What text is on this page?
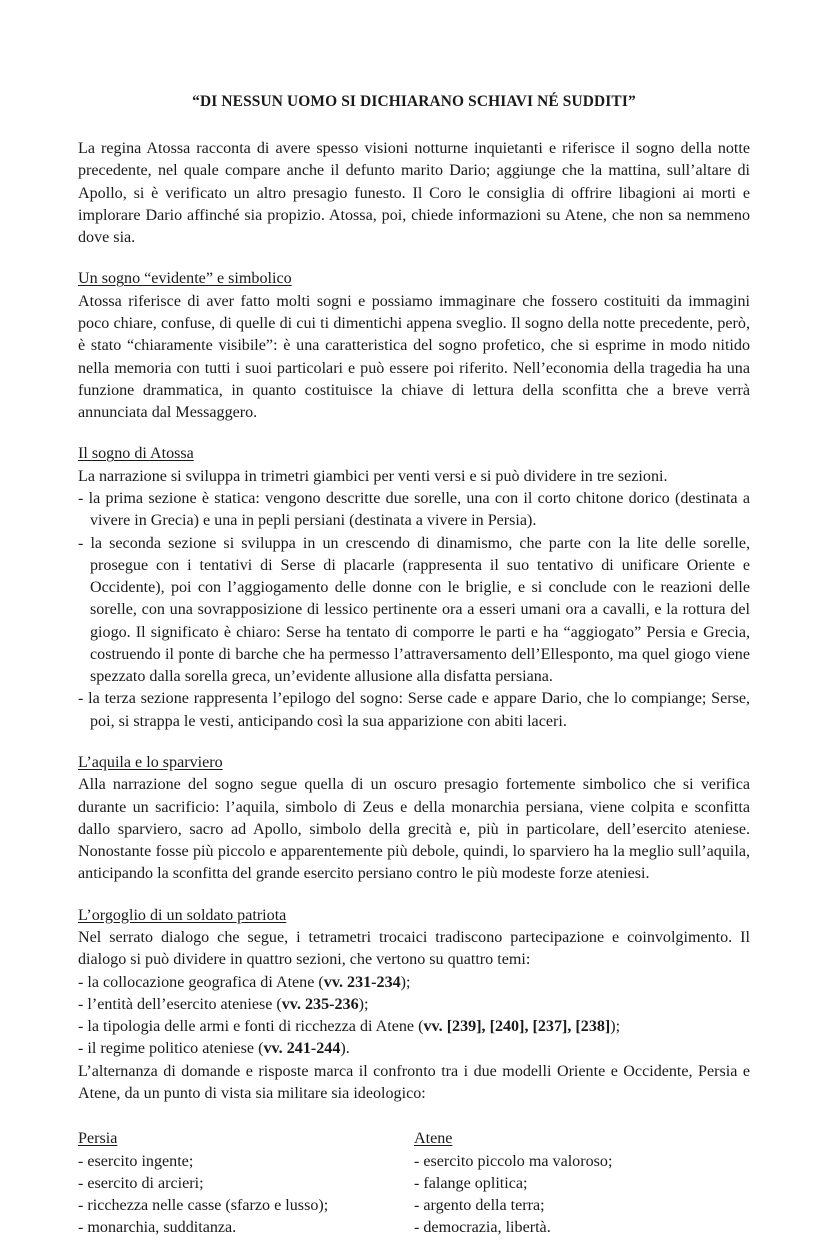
“DI NESSUN UOMO SI DICHIARANO SCHIAVI NÉ SUDDITI”

La regina Atossa racconta di avere spesso visioni notturne inquietanti e riferisce il sogno della notte precedente, nel quale compare anche il defunto marito Dario; aggiunge che la mattina, sull’altare di Apollo, si è verificato un altro presagio funesto. Il Coro le consiglia di offrire libagioni ai morti e implorare Dario affinché sia propizio. Atossa, poi, chiede informazioni su Atene, che non sa nemmeno dove sia.

Un sogno “evidente” e simbolico

Atossa riferisce di aver fatto molti sogni e possiamo immaginare che fossero costituiti da immagini poco chiare, confuse, di quelle di cui ti dimentichi appena sveglio. Il sogno della notte precedente, però, è stato “chiaramente visibile”: è una caratteristica del sogno profetico, che si esprime in modo nitido nella memoria con tutti i suoi particolari e può essere poi riferito. Nell’economia della tragedia ha una funzione drammatica, in quanto costituisce la chiave di lettura della sconfitta che a breve verrà annunciata dal Messaggero.

Il sogno di Atossa

La narrazione si sviluppa in trimetri giambici per venti versi e si può dividere in tre sezioni.

- la prima sezione è statica: vengono descritte due sorelle, una con il corto chitone dorico (destinata a vivere in Grecia) e una in pepli persiani (destinata a vivere in Persia).
- la seconda sezione si sviluppa in un crescendo di dinamismo, che parte con la lite delle sorelle, prosegue con i tentativi di Serse di placarle (rappresenta il suo tentativo di unificare Oriente e Occidente), poi con l’aggiogamento delle donne con le briglie, e si conclude con le reazioni delle sorelle, con una sovrapposizione di lessico pertinente ora a esseri umani ora a cavalli, e la rottura del giogo. Il significato è chiaro: Serse ha tentato di comporre le parti e ha “aggiogato” Persia e Grecia, costruendo il ponte di barche che ha permesso l’attraversamento dell’Ellesponto, ma quel giogo viene spezzato dalla sorella greca, un’evidente allusione alla disfatta persiana.
- la terza sezione rappresenta l’epilogo del sogno: Serse cade e appare Dario, che lo compiange; Serse, poi, si strappa le vesti, anticipando così la sua apparizione con abiti laceri.
L’aquila e lo sparviero

Alla narrazione del sogno segue quella di un oscuro presagio fortemente simbolico che si verifica durante un sacrificio: l’aquila, simbolo di Zeus e della monarchia persiana, viene colpita e sconfitta dallo sparviero, sacro ad Apollo, simbolo della grecità e, più in particolare, dell’esercito ateniese. Nonostante fosse più piccolo e apparentemente più debole, quindi, lo sparviero ha la meglio sull’aquila, anticipando la sconfitta del grande esercito persiano contro le più modeste forze ateniesi.

L’orgoglio di un soldato patriota

Nel serrato dialogo che segue, i tetrametri trocaici tradiscono partecipazione e coinvolgimento. Il dialogo si può dividere in quattro sezioni, che vertono su quattro temi:

- la collocazione geografica di Atene (vv. 231-234);
- l’entità dell’esercito ateniese (vv. 235-236);
- la tipologia delle armi e fonti di ricchezza di Atene (vv. [239], [240], [237], [238]);
- il regime politico ateniese (vv. 241-244).

L’alternanza di domande e risposte marca il confronto tra i due modelli Oriente e Occidente, Persia e Atene, da un punto di vista sia militare sia ideologico:

Persia
- esercito ingente;
- esercito di arcieri;
- ricchezza nelle casse (sfarzo e lusso);
- monarchia, sudditanza.
Atene
- esercito piccolo ma valoroso;
- falange oplitica;
- argento della terra;
- democrazia, libertà.
